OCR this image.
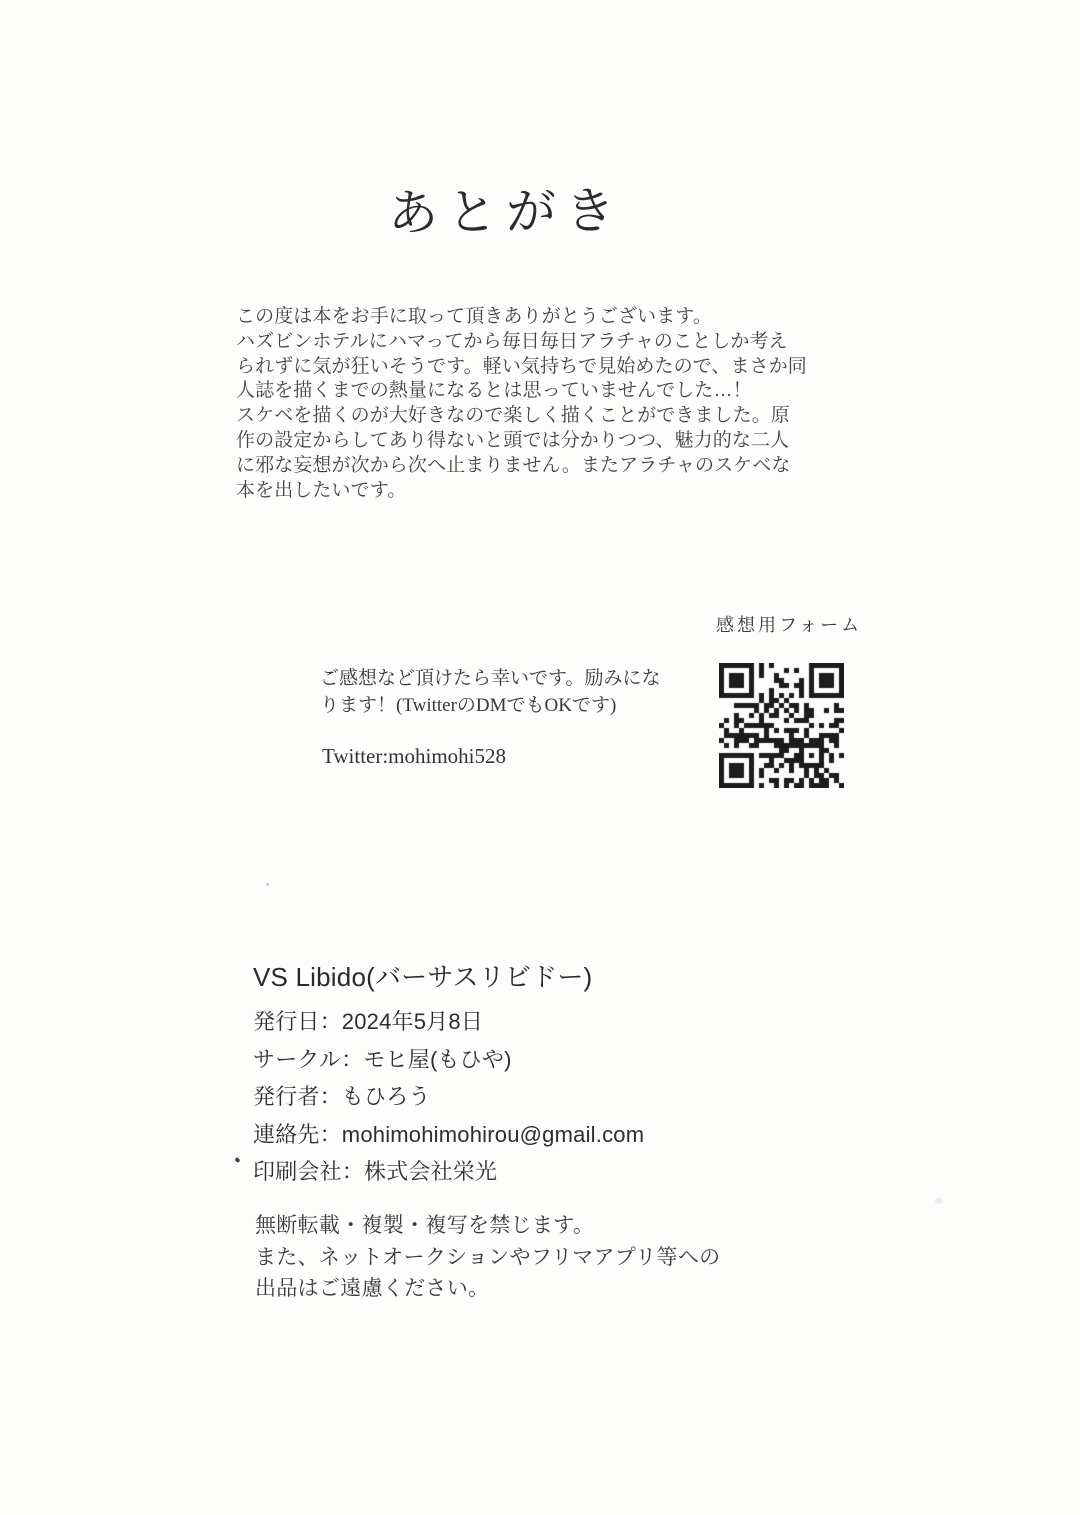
あとがき
この度は本をお手に取って頂きありがとうございます。
ハズビンホテルにハマってから毎日毎日アラチャのことしか考え
られずに気が狂いそうです。軽い気持ちで見始めたので、まさか同
人誌を描くまでの熱量になるとは思っていませんでした…！
スケベを描くのが大好きなので楽しく描くことができました。原
作の設定からしてあり得ないと頭では分かりつつ、魅力的な二人
に邪な妄想が次から次へ止まりません。またアラチャのスケベな
本を出したいです。
感想用フォーム
ご感想など頂けたら幸いです。励みにな
ります！(TwitterのDMでもOKです)
Twitter:mohimohi528
VS Libido(バーサスリビドー)
発行日：2024年5月8日
サークル：モヒ屋(もひや)
発行者：もひろう
連絡先：mohimohimohirou@gmail.com
印刷会社：株式会社栄光
無断転載・複製・複写を禁じます。
また、ネットオークションやフリマアプリ等への
出品はご遠慮ください。
